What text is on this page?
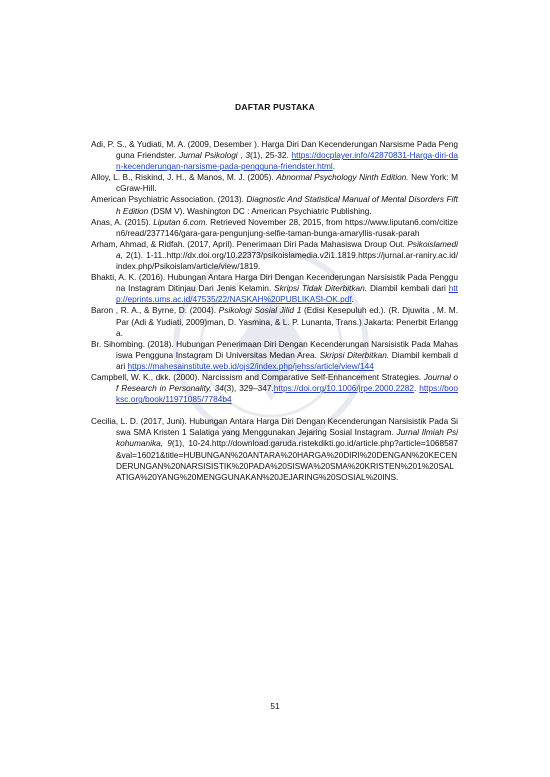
DAFTAR PUSTAKA
Adi, P. S., & Yudiati, M. A. (2009, Desember ). Harga Diri Dan Kecenderungan Narsisme Pada Pengguna Friendster. Jurnal Psikologi , 3(1), 25-32. https://docplayer.info/42870831-Harga-diri-dan-kecenderungan-narsisme-pada-pengguna-friendster.html.
Alloy, L. B., Riskind, J. H., & Manos, M. J. (2005). Abnormal Psychology Ninth Edition. New York: McGraw-Hill.
American Psychiatric Association. (2013). Diagnostic And Statistical Manual of Mental Disorders Fifth Edition (DSM V). Washington DC : American Psychiatric Publishing.
Anas, A. (2015). Liputan 6.com. Retrieved November 28, 2015, from https://www.liputan6.com/citizen6/read/2377146/gara-gara-pengunjung-selfie-taman-bunga-amaryllis-rusak-parah
Arham, Ahmad, & Ridfah. (2017, April). Penerimaan Diri Pada Mahasiswa Droup Out. Psikoislamedia, 2(1). 1-11..http://dx.doi.org/10.22373/psikoislamedia.v2i1.1819.https://jurnal.ar-raniry.ac.id/index.php/Psikoislam/article/view/1819.
Bhakti, A. K. (2016). Hubungan Antara Harga Diri Dengan Kecenderungan Narsisistik Pada Pengguna Instagram Ditinjau Dari Jenis Kelamin. Skripsi Tidak Diterbitkan. Diambil kembali dari http://eprints.ums.ac.id/47535/22/NASKAH%20PUBLIKASI-OK.pdf.
Baron , R. A., & Byrne, D. (2004). Psikologi Sosial Jilid 1 (Edisi Kesepuluh ed.). (R. Djuwita , M. M. Par (Adi & Yudiati, 2009)man, D. Yasmina, & L. P. Lunanta, Trans.) Jakarta: Penerbit Erlangga.
Br. Sihombing. (2018). Hubungan Penerimaan Diri Dengan Kecenderungan Narsisistik Pada Mahasiswa Pengguna Instagram Di Universitas Medan Area. Skripsi Diterbitkan. Diambil kembali dari https://mahesainstitute.web.id/ojs2/index.php/jehss/article/view/144
Campbell, W. K., dkk. (2000). Narcissism and Comparative Self-Enhancement Strategies. Journal of Research in Personality, 34(3), 329–347.https://doi.org/10.1006/jrpe.2000.2282. https://booksc.org/book/11971085/7784b4
Cecilia, L. D. (2017, Juni). Hubungan Antara Harga Diri Dengan Kecenderungan Narsisistik Pada Siswa SMA Kristen 1 Salatiga yang Menggunakan Jejaring Sosial Instagram. Jurnal Ilmiah Psikohumanika, 9(1), 10-24.http://download.garuda.ristekdikti.go.id/article.php?article=1068587&val=16021&title=HUBUNGAN%20ANTARA%20HARGA%20DIRI%20DENGAN%20KECENDERUNGAN%20NARSISISTIK%20PADA%20SISWA%20SMA%20KRISTEN%201%20SALATIGA%20YANG%20MENGGUNAKAN%20JEJARING%20SOSIAL%20INS.
51
